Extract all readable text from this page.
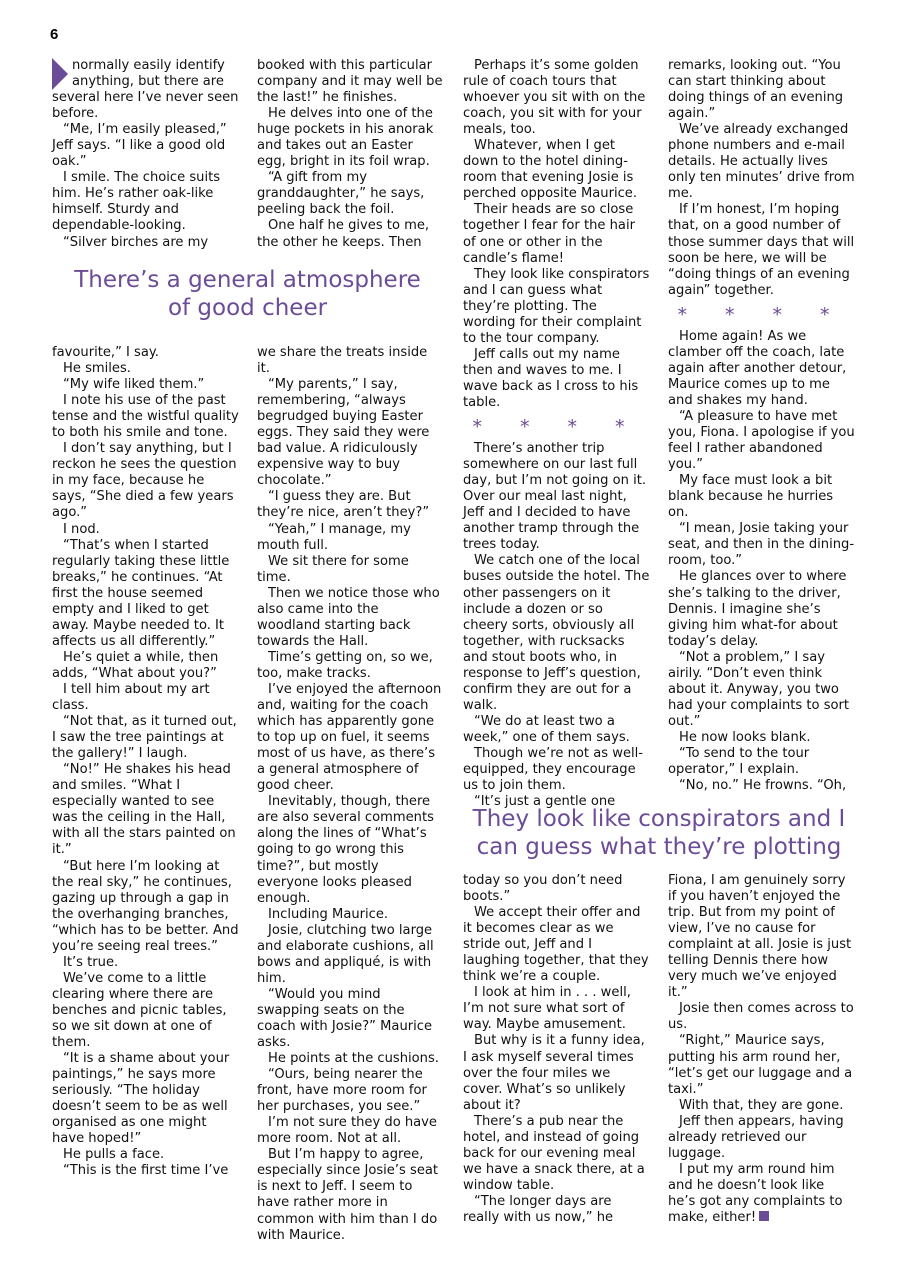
6

normally easily identify anything, but there are several here I’ve never seen before.

“Me, I’m easily pleased,” Jeff says. “I like a good old oak.”

I smile. The choice suits him. He’s rather oak-like himself. Sturdy and dependable-looking.

“Silver birches are my

booked with this particular company and it may well be the last!” he finishes.

He delves into one of the huge pockets in his anorak and takes out an Easter egg, bright in its foil wrap.

“A gift from my granddaughter,” he says, peeling back the foil.

One half he gives to me, the other he keeps. Then

There’s a general atmosphere of good cheer

favourite,” I say.

He smiles.

“My wife liked them.”

I note his use of the past tense and the wistful quality to both his smile and tone.

I don’t say anything, but I reckon he sees the question in my face, because he says, “She died a few years ago.”

I nod.

“That’s when I started regularly taking these little breaks,” he continues. “At first the house seemed empty and I liked to get away. Maybe needed to. It affects us all differently.”

He’s quiet a while, then adds, “What about you?”

I tell him about my art class.

“Not that, as it turned out, I saw the tree paintings at the gallery!” I laugh.

“No!” He shakes his head and smiles. “What I especially wanted to see was the ceiling in the Hall, with all the stars painted on it.”

“But here I’m looking at the real sky,” he continues, gazing up through a gap in the overhanging branches, “which has to be better. And you’re seeing real trees.”

It’s true.

We’ve come to a little clearing where there are benches and picnic tables, so we sit down at one of them.

“It is a shame about your paintings,” he says more seriously. “The holiday doesn’t seem to be as well organised as one might have hoped!”

He pulls a face.

“This is the first time I’ve

we share the treats inside it.

“My parents,” I say, remembering, “always begrudged buying Easter eggs. They said they were bad value. A ridiculously expensive way to buy chocolate.”

“I guess they are. But they’re nice, aren’t they?”

“Yeah,” I manage, my mouth full.

We sit there for some time.

Then we notice those who also came into the woodland starting back towards the Hall.

Time’s getting on, so we, too, make tracks.

I’ve enjoyed the afternoon and, waiting for the coach which has apparently gone to top up on fuel, it seems most of us have, as there’s a general atmosphere of good cheer.

Inevitably, though, there are also several comments along the lines of “What’s going to go wrong this time?”, but mostly everyone looks pleased enough.

Including Maurice.

Josie, clutching two large and elaborate cushions, all bows and appliqué, is with him.

“Would you mind swapping seats on the coach with Josie?” Maurice asks.

He points at the cushions.

“Ours, being nearer the front, have more room for her purchases, you see.”

I’m not sure they do have more room. Not at all.

But I’m happy to agree, especially since Josie’s seat is next to Jeff. I seem to have rather more in common with him than I do with Maurice.

Perhaps it’s some golden rule of coach tours that whoever you sit with on the coach, you sit with for your meals, too.

Whatever, when I get down to the hotel dining-room that evening Josie is perched opposite Maurice.

Their heads are so close together I fear for the hair of one or other in the candle’s flame!

They look like conspirators and I can guess what they’re plotting. The wording for their complaint to the tour company.

Jeff calls out my name then and waves to me. I wave back as I cross to his table.

* * * *

There’s another trip somewhere on our last full day, but I’m not going on it. Over our meal last night, Jeff and I decided to have another tramp through the trees today.

We catch one of the local buses outside the hotel. The other passengers on it include a dozen or so cheery sorts, obviously all together, with rucksacks and stout boots who, in response to Jeff’s question, confirm they are out for a walk.

“We do at least two a week,” one of them says.

Though we’re not as well-equipped, they encourage us to join them.

“It’s just a gentle one

remarks, looking out. “You can start thinking about doing things of an evening again.”

We’ve already exchanged phone numbers and e-mail details. He actually lives only ten minutes’ drive from me.

If I’m honest, I’m hoping that, on a good number of those summer days that will soon be here, we will be “doing things of an evening again” together.

* * * *

Home again! As we clamber off the coach, late again after another detour, Maurice comes up to me and shakes my hand.

“A pleasure to have met you, Fiona. I apologise if you feel I rather abandoned you.”

My face must look a bit blank because he hurries on.

“I mean, Josie taking your seat, and then in the dining-room, too.”

He glances over to where she’s talking to the driver, Dennis. I imagine she’s giving him what-for about today’s delay.

“Not a problem,” I say airily. “Don’t even think about it. Anyway, you two had your complaints to sort out.”

He now looks blank.

“To send to the tour operator,” I explain.

“No, no.” He frowns. “Oh,

They look like conspirators and I can guess what they’re plotting

today so you don’t need boots.”

We accept their offer and it becomes clear as we stride out, Jeff and I laughing together, that they think we’re a couple.

I look at him in . . . well, I’m not sure what sort of way. Maybe amusement.

But why is it a funny idea, I ask myself several times over the four miles we cover. What’s so unlikely about it?

There’s a pub near the hotel, and instead of going back for our evening meal we have a snack there, at a window table.

“The longer days are really with us now,” he

Fiona, I am genuinely sorry if you haven’t enjoyed the trip. But from my point of view, I’ve no cause for complaint at all. Josie is just telling Dennis there how very much we’ve enjoyed it.”

Josie then comes across to us.

“Right,” Maurice says, putting his arm round her, “let’s get our luggage and a taxi.”

With that, they are gone.

Jeff then appears, having already retrieved our luggage.

I put my arm round him and he doesn’t look like he’s got any complaints to make, either!
